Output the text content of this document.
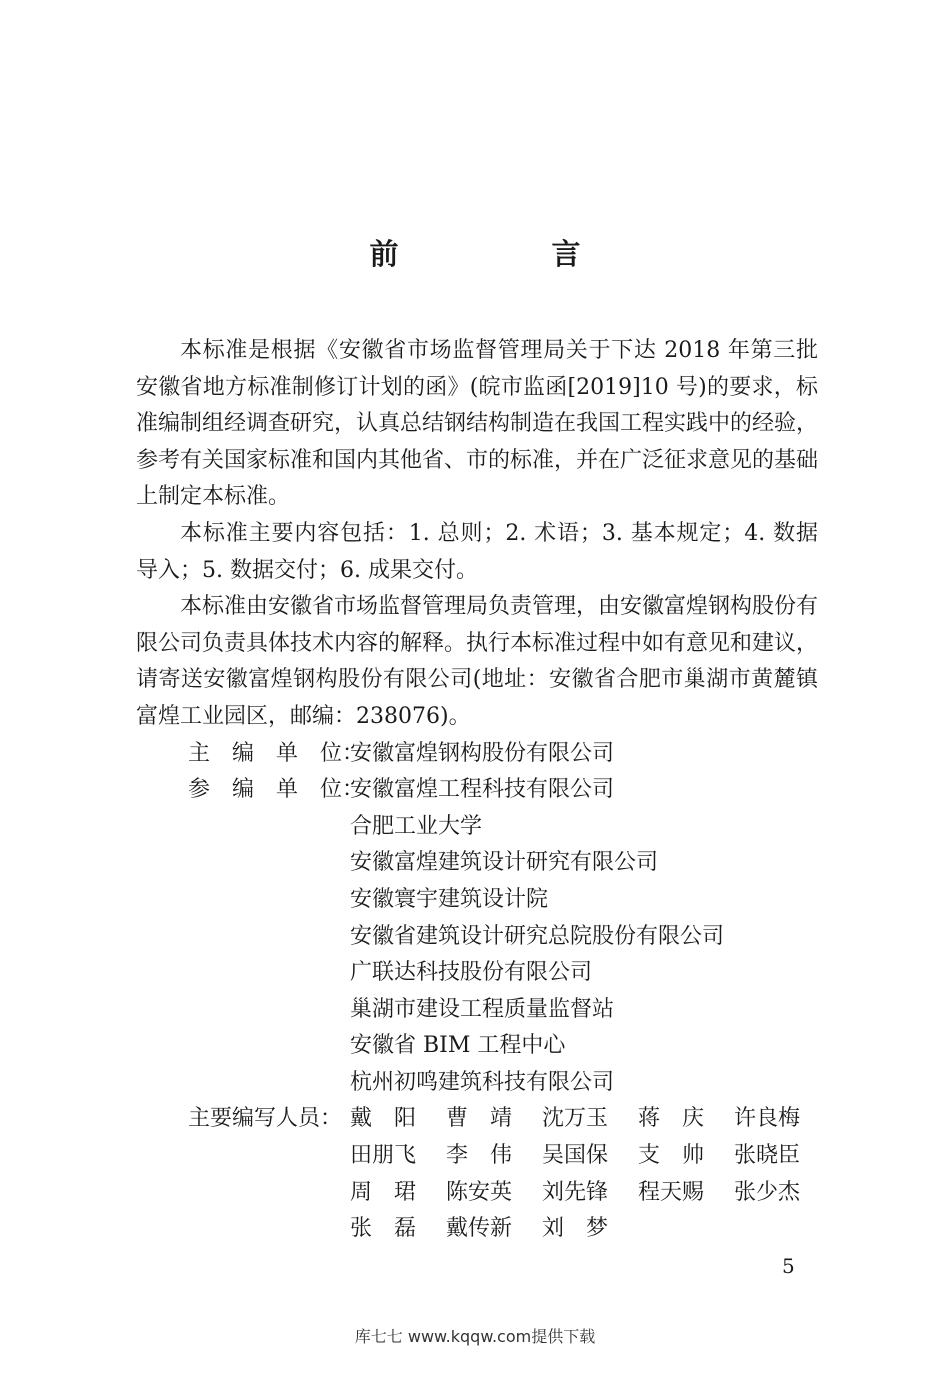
前　言

本标准是根据《安徽省市场监督管理局关于下达 2018 年第三批安徽省地方标准制修订计划的函》(皖市监函[2019]10 号)的要求，标准编制组经调查研究，认真总结钢结构制造在我国工程实践中的经验，参考有关国家标准和国内其他省、市的标准，并在广泛征求意见的基础上制定本标准。

本标准主要内容包括：1. 总则；2. 术语；3. 基本规定；4. 数据导入；5. 数据交付；6. 成果交付。

本标准由安徽省市场监督管理局负责管理，由安徽富煌钢构股份有限公司负责具体技术内容的解释。执行本标准过程中如有意见和建议，请寄送安徽富煌钢构股份有限公司(地址：安徽省合肥市巢湖市黄麓镇富煌工业园区，邮编：238076)。

主　编　单　位：
安徽富煌钢构股份有限公司
参　编　单　位：
安徽富煌工程科技有限公司
合肥工业大学
安徽富煌建筑设计研究有限公司
安徽寰宇建筑设计院
安徽省建筑设计研究总院股份有限公司
广联达科技股份有限公司
巢湖市建设工程质量监督站
安徽省 BIM 工程中心
杭州初鸣建筑科技有限公司
主要编写人员： 戴　阳	曹　靖	沈万玉	蒋　庆	许良梅
田朋飞	李　伟	吴国保	支　帅	张晓臣
周　珺	陈安英	刘先锋	程天赐	张少杰
张　磊	戴传新	刘　梦
5
库七七 www.kqqw.com提供下载
